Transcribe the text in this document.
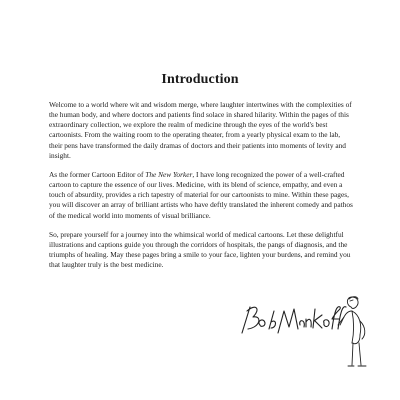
Introduction

Welcome to a world where wit and wisdom merge, where laughter intertwines with the complexities of the human body, and where doctors and patients find solace in shared hilarity. Within the pages of this extraordinary collection, we explore the realm of medicine through the eyes of the world's best cartoonists. From the waiting room to the operating theater, from a yearly physical exam to the lab, their pens have transformed the daily dramas of doctors and their patients into moments of levity and insight.

As the former Cartoon Editor of The New Yorker, I have long recognized the power of a well-crafted cartoon to capture the essence of our lives. Medicine, with its blend of science, empathy, and even a touch of absurdity, provides a rich tapestry of material for our cartoonists to mine. Within these pages, you will discover an array of brilliant artists who have deftly translated the inherent comedy and pathos of the medical world into moments of visual brilliance.

So, prepare yourself for a journey into the whimsical world of medical cartoons. Let these delightful illustrations and captions guide you through the corridors of hospitals, the pangs of diagnosis, and the triumphs of healing. May these pages bring a smile to your face, lighten your burdens, and remind you that laughter truly is the best medicine.
